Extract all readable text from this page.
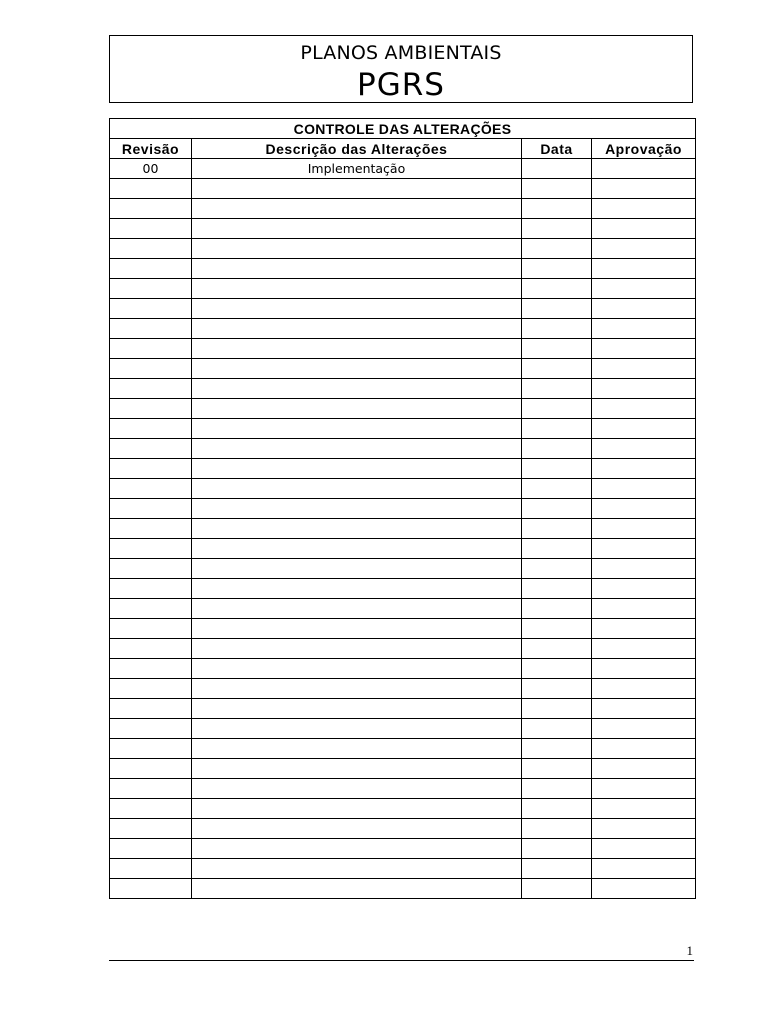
PLANOS AMBIENTAIS
PGRS
CONTROLE DAS ALTERAÇÕES			
Revisão	Descrição das Alterações	Data	Aprovação
00	Implementação		

1
